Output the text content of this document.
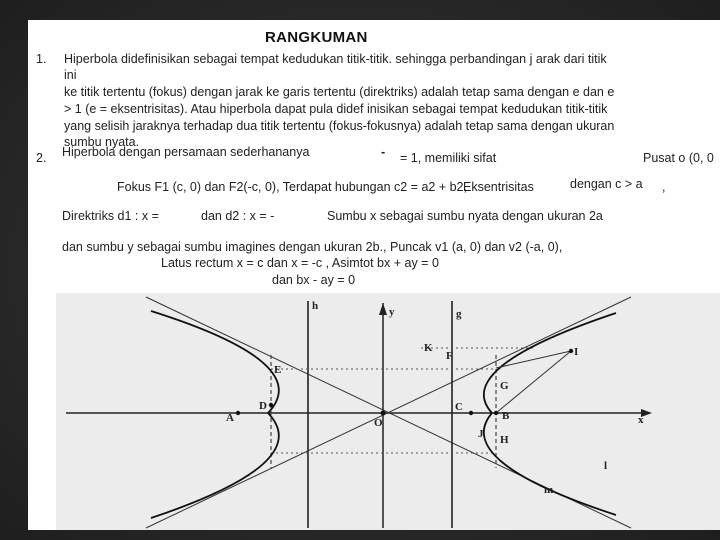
RANGKUMAN
1. Hiperbola didefinisikan sebagai tempat kedudukan titik-titik. sehingga perbandingan j arak dari titik
ini
ke titik tertentu (fokus) dengan jarak ke garis tertentu (direktriks) adalah tetap sama dengan e dan e
> 1 (e = eksentrisitas). Atau hiperbola dapat pula didef inisikan sebagai tempat kedudukan titik-titik
yang selisih jaraknya terhadap dua titik tertentu (fokus-fokusnya) adalah tetap sama dengan ukuran
sumbu nyata.
2. Hiperbola dengan persamaan sederhananya	- = 1, memiliki sifat	Pusat o (0, 0
Fokus F1 (c, 0) dan F2(-c, 0), Terdapat hubungan c2 = a2 + b2,
Eksentrisitas	dengan c > a ,
Direktriks d1 : x =	dan d2 : x = -	Sumbu x sebagai sumbu nyata dengan ukuran 2a
dan sumbu y sebagai sumbu imagines dengan ukuran 2b., Puncak v1 (a, 0) dan v2 (-a, 0),
Latus rectum x = c dan x = -c , Asimtot bx + ay = 0
dan bx - ay = 0
h	y	g
K
F	I
E
G
A
D	C
B
O	x
J H
l
m
